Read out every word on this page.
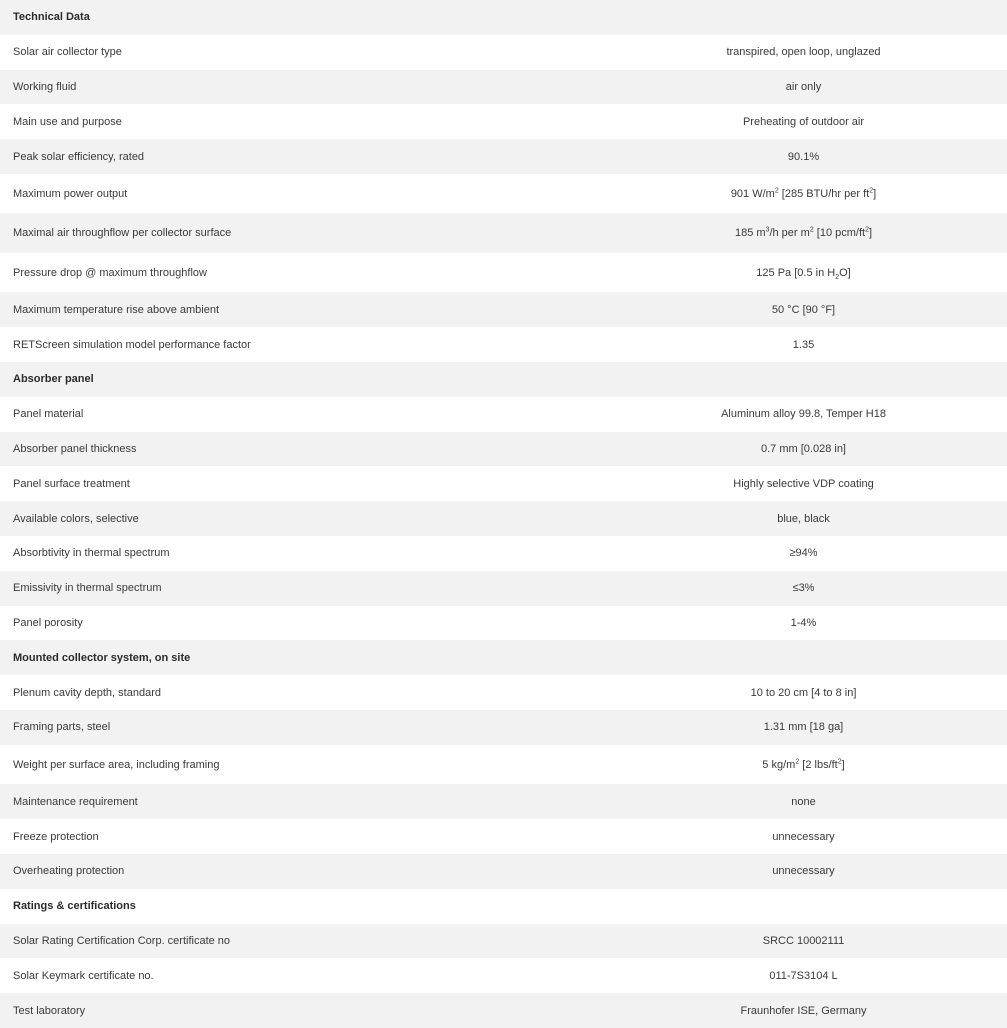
Technical Data	
Solar air collector type	transpired, open loop, unglazed
Working fluid	air only
Main use and purpose	Preheating of outdoor air
Peak solar efficiency, rated	90.1%
Maximum power output	901 $W/m^2$ [285 BTU/hr per $ft^2$]
Maximal air throughflow per collector surface	185 $m^3/h$ per $m^2$ [10 pcm/$ft^2$]
Pressure drop @ maximum throughflow	125 Pa [0.5 in $H_2O$]
Maximum temperature rise above ambient	50 °C [90 °F]
RETScreen simulation model performance factor	1.35
Absorber panel	
Panel material	Aluminum alloy 99.8, Temper H18
Absorber panel thickness	0.7 mm [0.028 in]
Panel surface treatment	Highly selective VDP coating
Available colors, selective	blue, black
Absorbtivity in thermal spectrum	≥94%
Emissivity in thermal spectrum	≤3%
Panel porosity	1-4%
Mounted collector system, on site	
Plenum cavity depth, standard	10 to 20 cm [4 to 8 in]
Framing parts, steel	1.31 mm [18 ga]
Weight per surface area, including framing	5 $kg/m^2$ [2 lbs/$ft^2$]
Maintenance requirement	none
Freeze protection	unnecessary
Overheating protection	unnecessary
Ratings & certifications	
Solar Rating Certification Corp. certificate no	SRCC 10002111
Solar Keymark certificate no.	011-7S3104 L
Test laboratory	Fraunhofer ISE, Germany
